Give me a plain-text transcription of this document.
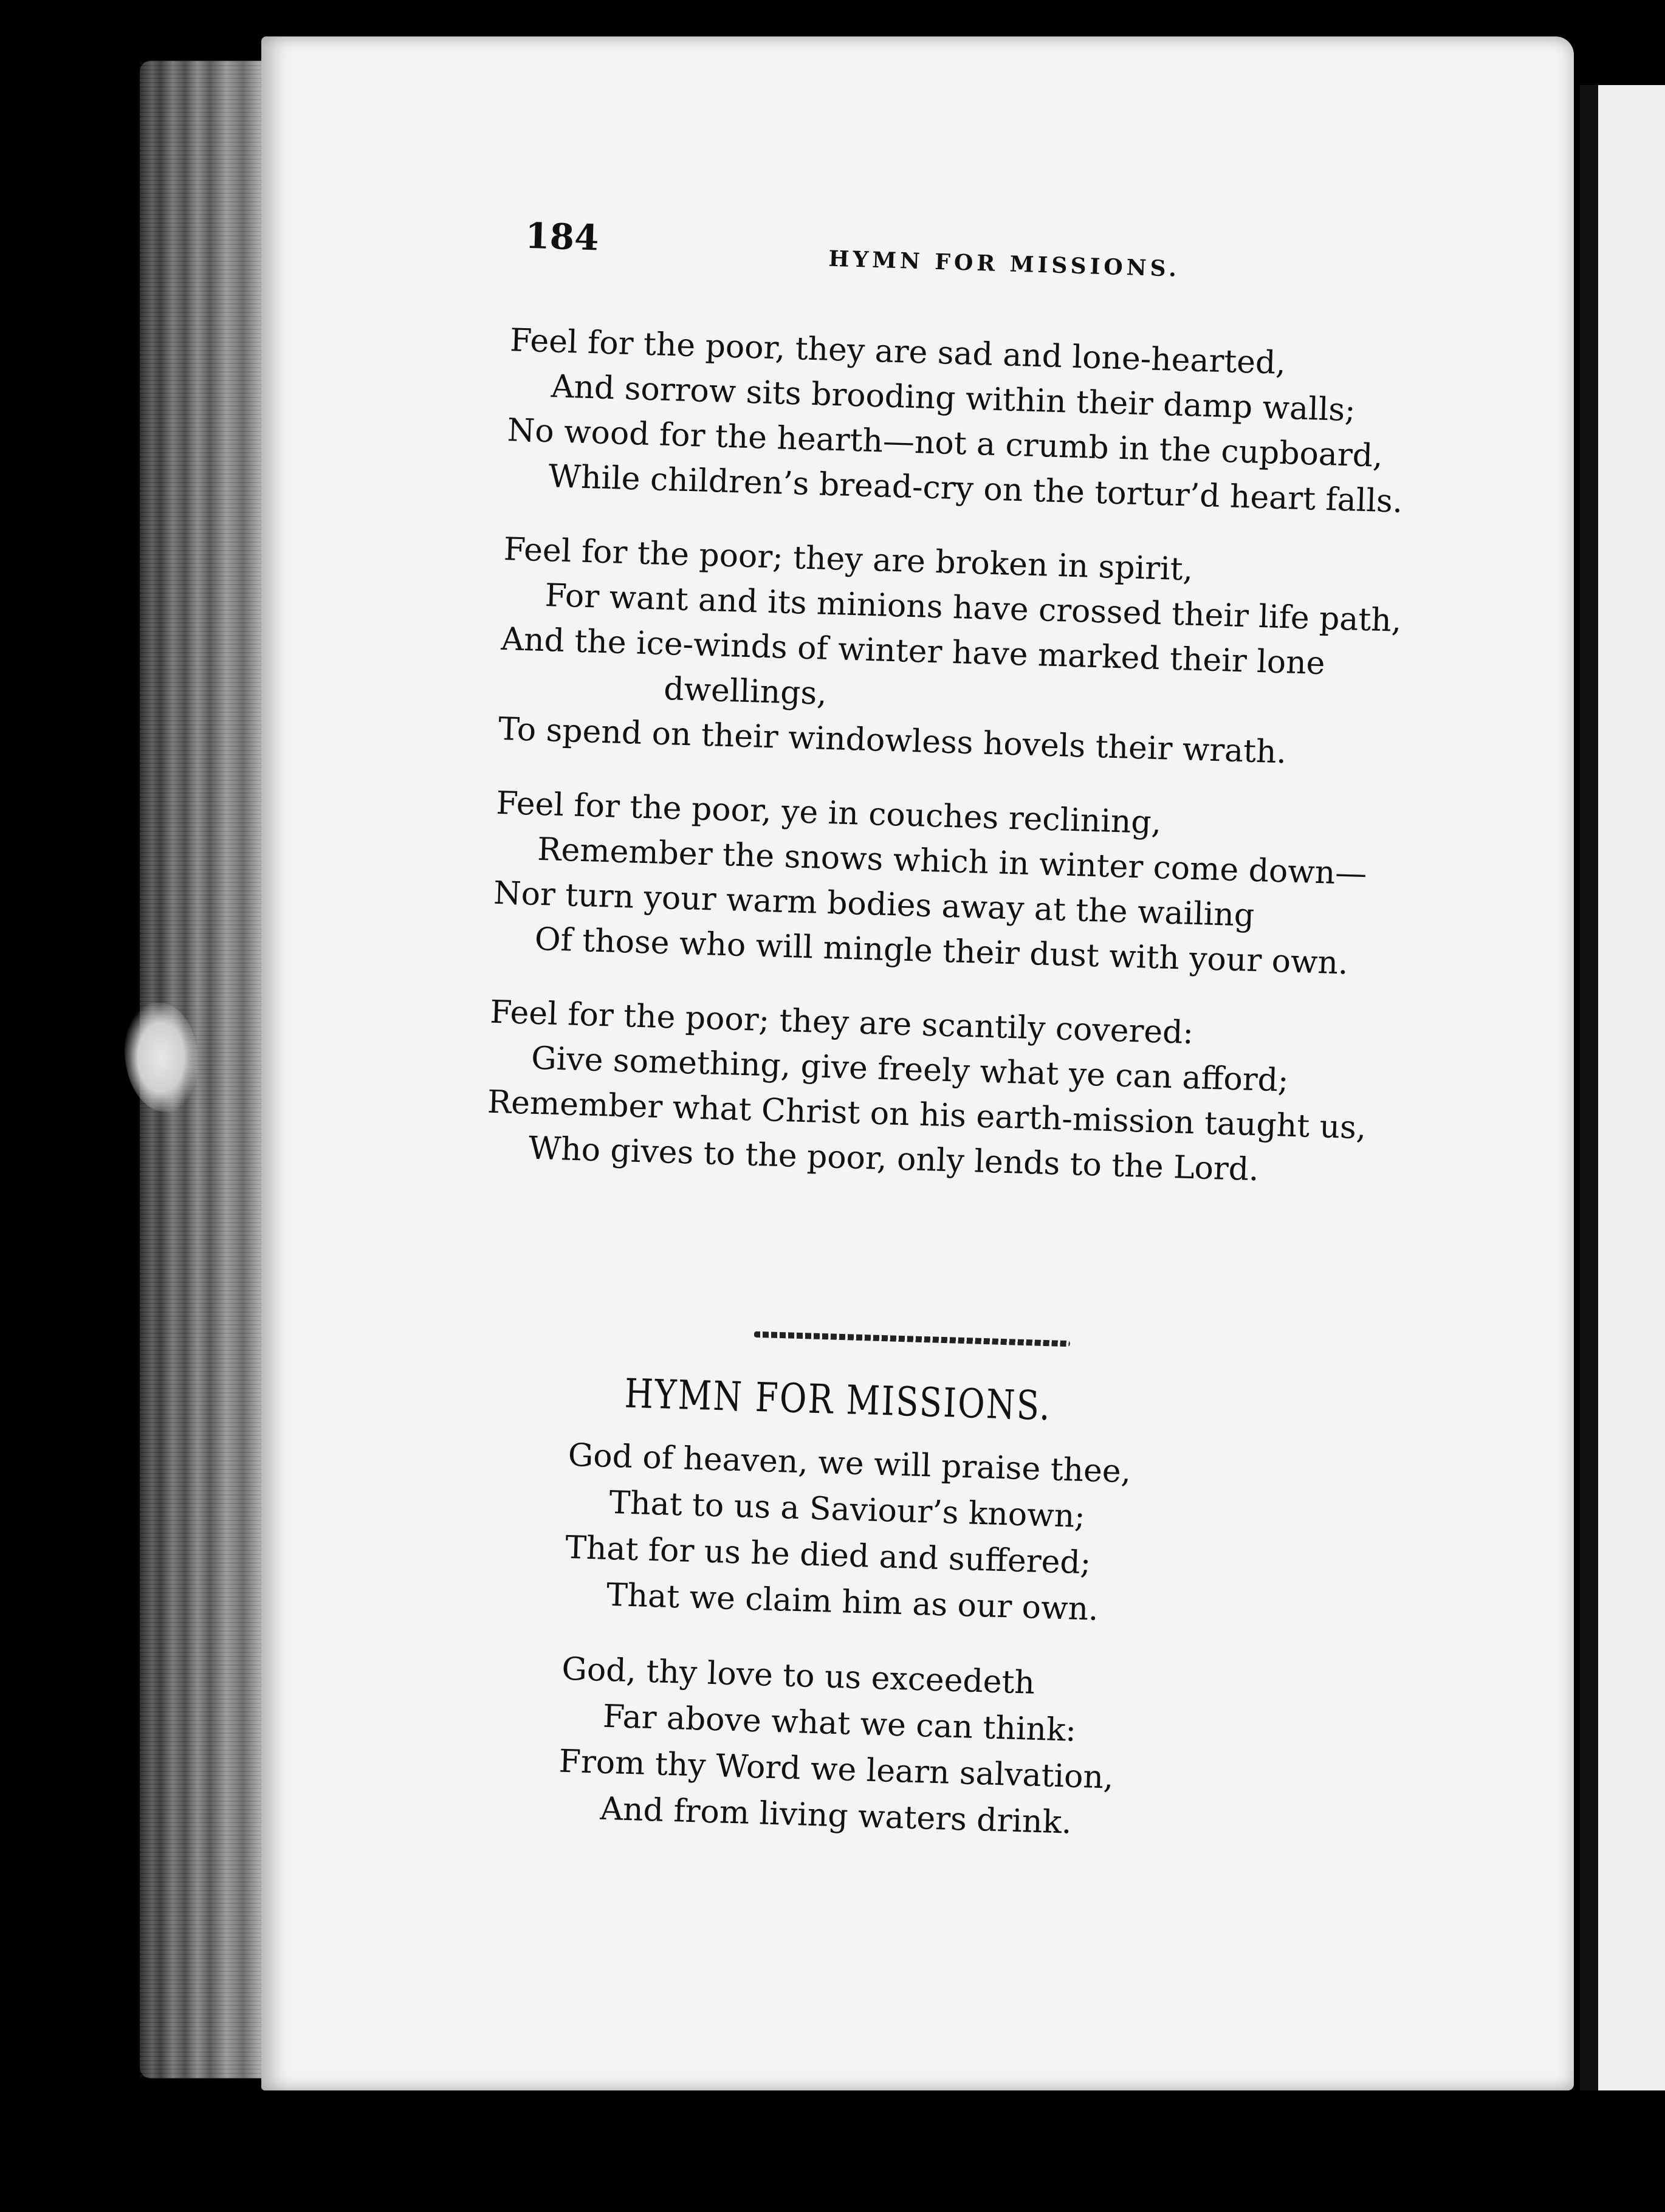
184
HYMN FOR MISSIONS.
Feel for the poor, they are sad and lone-hearted,
And sorrow sits brooding within their damp walls;
No wood for the hearth—not a crumb in the cupboard,
While children’s bread-cry on the tortur’d heart falls.
Feel for the poor; they are broken in spirit,
For want and its minions have crossed their life path,
And the ice-winds of winter have marked their lone
dwellings,
To spend on their windowless hovels their wrath.
Feel for the poor, ye in couches reclining,
Remember the snows which in winter come down—
Nor turn your warm bodies away at the wailing
Of those who will mingle their dust with your own.
Feel for the poor; they are scantily covered:
Give something, give freely what ye can afford;
Remember what Christ on his earth-mission taught us,
Who gives to the poor, only lends to the Lord.
HYMN FOR MISSIONS.
God of heaven, we will praise thee,
That to us a Saviour’s known;
That for us he died and suffered;
That we claim him as our own.
God, thy love to us exceedeth
Far above what we can think:
From thy Word we learn salvation,
And from living waters drink.
